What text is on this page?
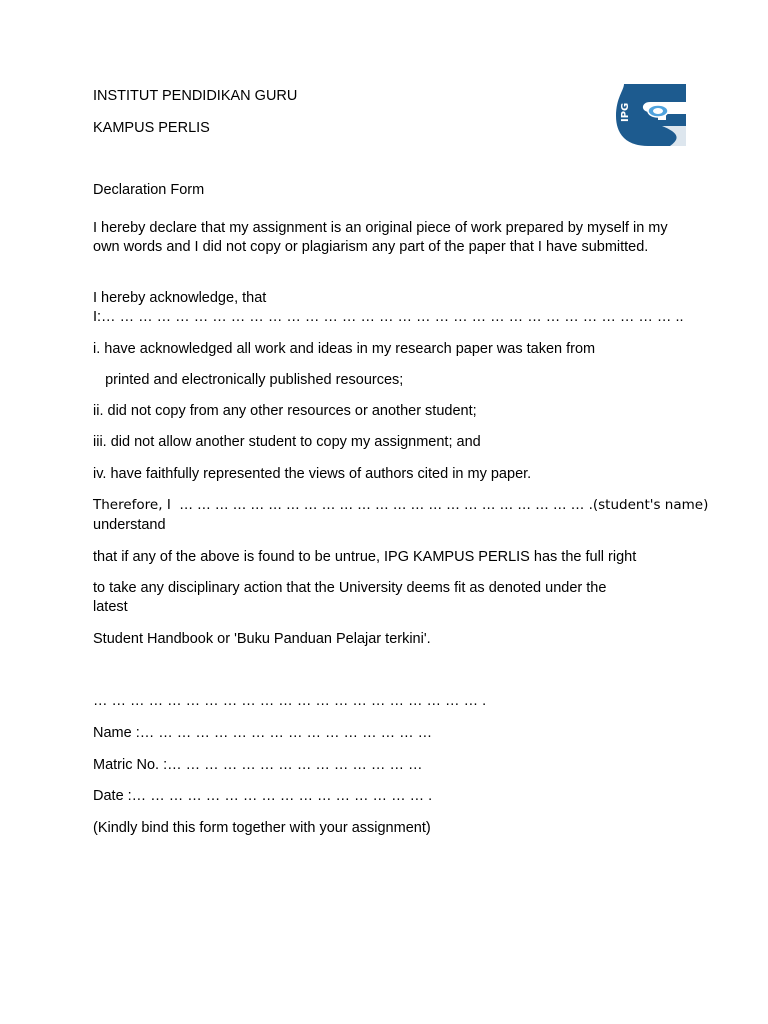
INSTITUT PENDIDIKAN GURU
KAMPUS PERLIS
IPG
Declaration Form
I hereby declare that my assignment is an original piece of work prepared by myself in my own words and I did not copy or plagiarism any part of the paper that I have submitted.
I hereby acknowledge, that
I:… … … … … … … … … … … … … … … … … … … … … … … … … … … … … … … ..
i. have acknowledged all work and ideas in my research paper was taken from
printed and electronically published resources;
ii. did not copy from any other resources or another student;
iii. did not allow another student to copy my assignment; and
iv. have faithfully represented the views of authors cited in my paper.
Therefore, I  … … … … … … … … … … … … … … … … … … … … … … … .(student's name)
understand
that if any of the above is found to be untrue, IPG KAMPUS PERLIS has the full right
to take any disciplinary action that the University deems fit as denoted under the
latest
Student Handbook or 'Buku Panduan Pelajar terkini'.
… … … … … … … … … … … … … … … … … … … … … .
Name :… … … … … … … … … … … … … … … …
Matric No. :… … … … … … … … … … … … … …
Date :… … … … … … … … … … … … … … … … .
(Kindly bind this form together with your assignment)
